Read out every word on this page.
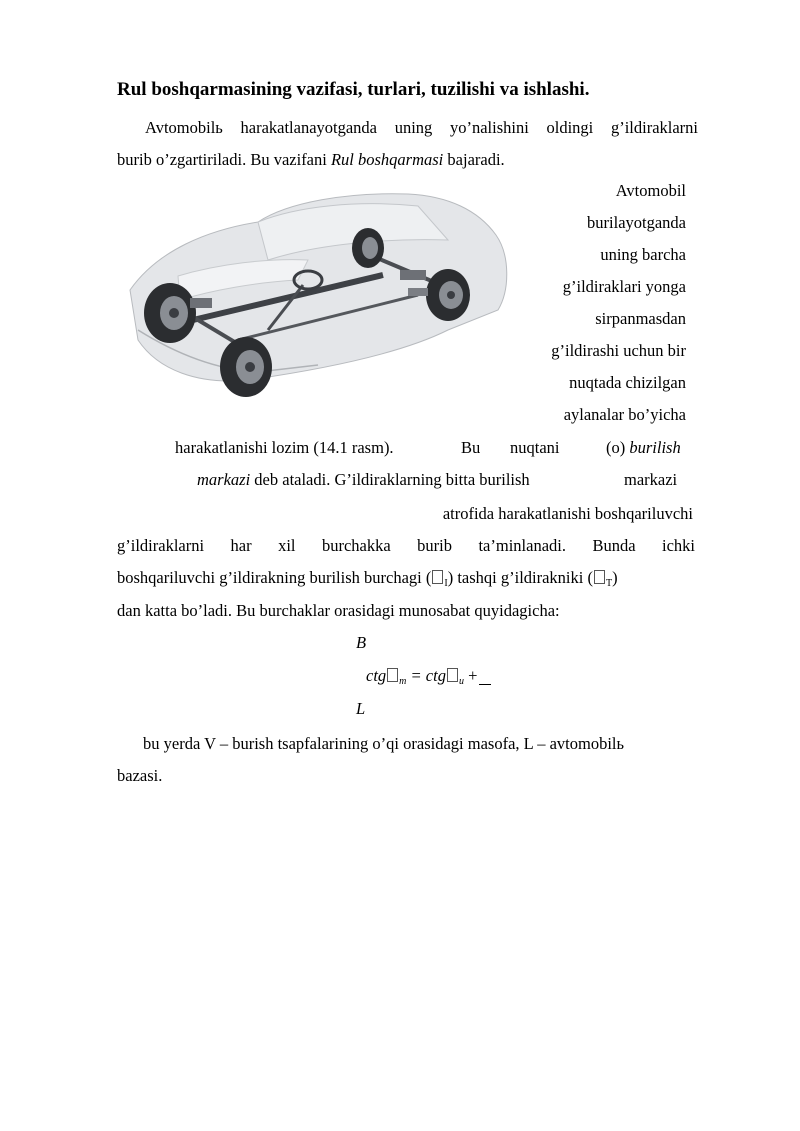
Rul boshqarmasining vazifasi, turlari, tuzilishi va ishlashi.
Avtomobilь harakatlanayotganda uning yo’nalishini oldingi g’ildiraklarni
burib o’zgartiriladi. Bu vazifani Rul boshqarmasi bajaradi.
Avtomobil
burilayotganda
uning barcha
g’ildiraklari yonga
sirpanmasdan
g’ildirashi uchun bir
nuqtada chizilgan
aylanalar bo’yicha
harakatlanishi lozim (14.1 rasm).	Bu nuqtani	(o) burilish
markazi deb ataladi. G’ildiraklarning bitta burilish	markazi
atrofida harakatlanishi boshqariluvchi
g’ildiraklarni har xil burchakka burib ta’minlanadi. Bunda ichki
boshqariluvchi g’ildirakning burilish burchagi ( $_I$) tashqi g’ildirakniki ( $_T$)
dan katta bo’ladi. Bu burchaklar orasidagi munosabat quyidagicha:
B
ctg $_m$ = ctg $_u$ +
L
bu yerda V – burish tsapfalarining o’qi orasidagi masofa, L – avtomobilь
bazasi.
